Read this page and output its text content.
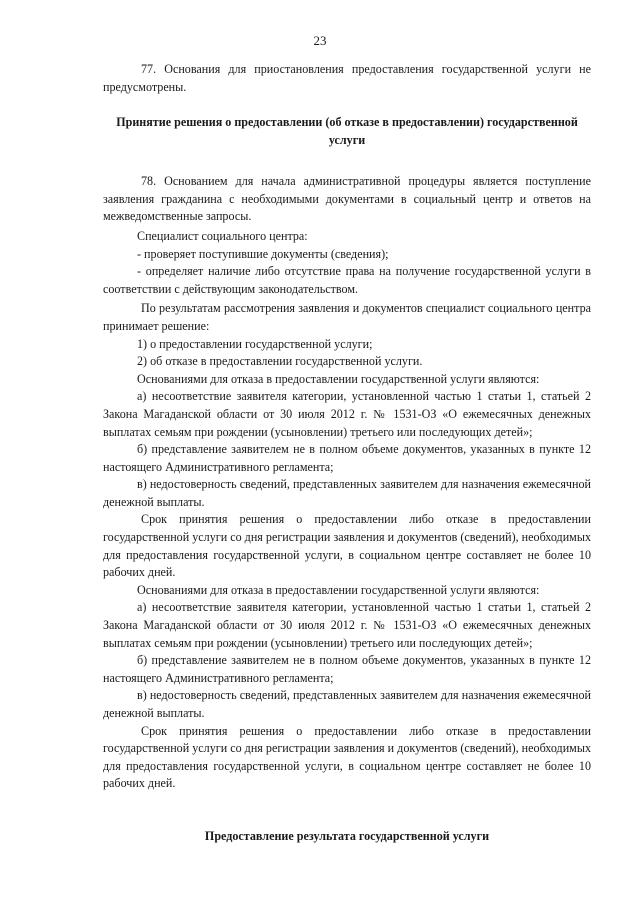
23

77. Основания для приостановления предоставления государственной услуги не предусмотрены.

Принятие решения о предоставлении (об отказе в предоставлении) государственной услуги

78. Основанием для начала административной процедуры является поступление заявления гражданина с необходимыми документами в социальный центр и ответов на межведомственные запросы.

Специалист социального центра:

- проверяет поступившие документы (сведения);

- определяет наличие либо отсутствие права на получение государственной услуги в соответствии с действующим законодательством.

По результатам рассмотрения заявления и документов специалист социального центра принимает решение:

1) о предоставлении государственной услуги;

2) об отказе в предоставлении государственной услуги.

Основаниями для отказа в предоставлении государственной услуги являются:

а) несоответствие заявителя категории, установленной частью 1 статьи 1, статьей 2 Закона Магаданской области от 30 июля 2012 г. № 1531-ОЗ «О ежемесячных денежных выплатах семьям при рождении (усыновлении) третьего или последующих детей»;

б) представление заявителем не в полном объеме документов, указанных в пункте 12 настоящего Административного регламента;

в) недостоверность сведений, представленных заявителем для назначения ежемесячной денежной выплаты.

Срок принятия решения о предоставлении либо отказе в предоставлении государственной услуги со дня регистрации заявления и документов (сведений), необходимых для предоставления государственной услуги, в социальном центре составляет не более 10 рабочих дней.

Основаниями для отказа в предоставлении государственной услуги являются:

а) несоответствие заявителя категории, установленной частью 1 статьи 1, статьей 2 Закона Магаданской области от 30 июля 2012 г. № 1531-ОЗ «О ежемесячных денежных выплатах семьям при рождении (усыновлении) третьего или последующих детей»;

б) представление заявителем не в полном объеме документов, указанных в пункте 12 настоящего Административного регламента;

в) недостоверность сведений, представленных заявителем для назначения ежемесячной денежной выплаты.

Срок принятия решения о предоставлении либо отказе в предоставлении государственной услуги со дня регистрации заявления и документов (сведений), необходимых для предоставления государственной услуги, в социальном центре составляет не более 10 рабочих дней.

Предоставление результата государственной услуги
